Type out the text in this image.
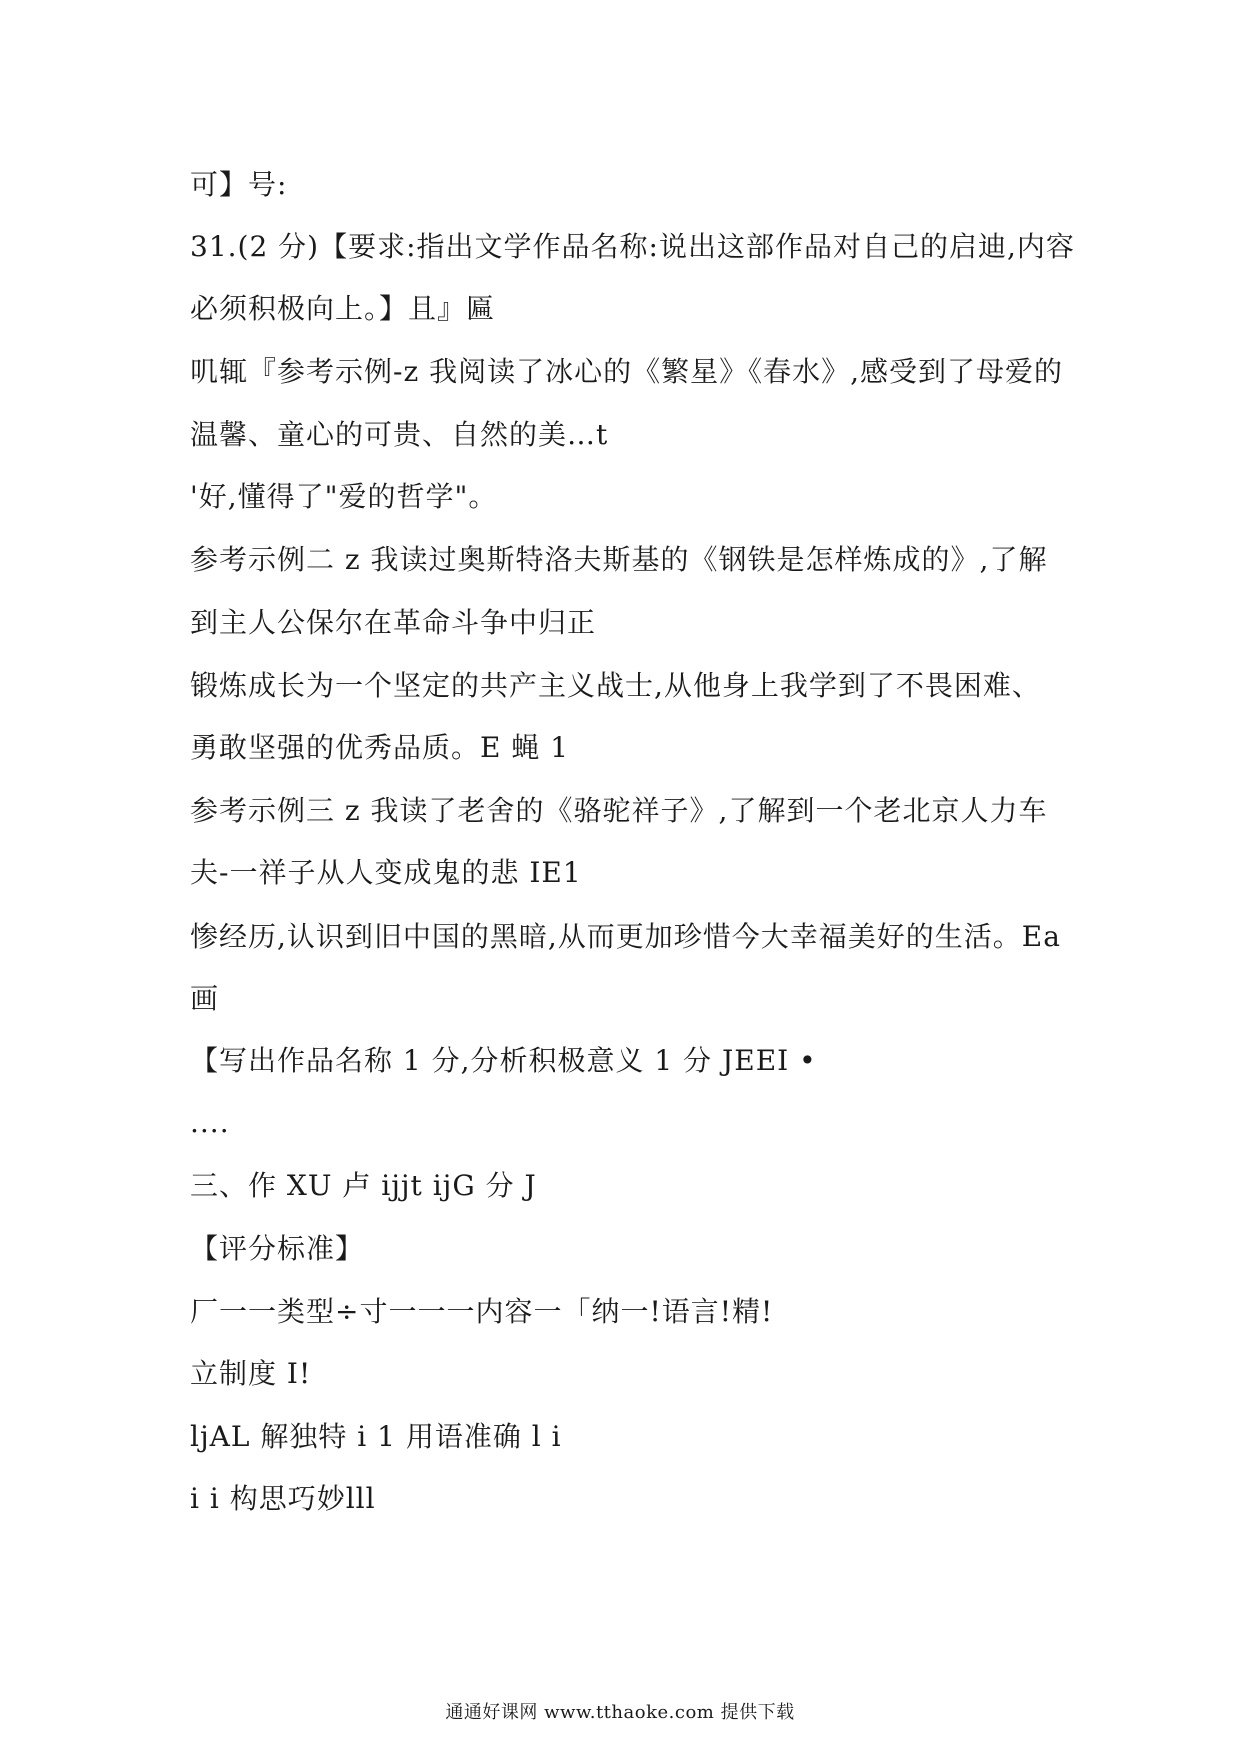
可】号:
31.(2 分)【要求:指出文学作品名称:说出这部作品对自己的启迪,内容
必须积极向上。】且』匾
叽辄『参考示例-z 我阅读了冰心的《繁星》《春水》,感受到了母爱的
温馨、童心的可贵、自然的美…t
'好,懂得了"爱的哲学"。
参考示例二 z 我读过奥斯特洛夫斯基的《钢铁是怎样炼成的》,了解
到主人公保尔在革命斗争中归正
锻炼成长为一个坚定的共产主义战士,从他身上我学到了不畏困难、
勇敢坚强的优秀品质。E 蝇 1
参考示例三 z 我读了老舍的《骆驼祥子》,了解到一个老北京人力车
夫-一祥子从人变成鬼的悲 IE1
惨经历,认识到旧中国的黑暗,从而更加珍惜今大幸福美好的生活。Ea
画
【写出作品名称 1 分,分析积极意义 1 分 JEEI •
....
三、作 XU 卢 ijjt ijG 分 J
【评分标准】
厂一一类型÷寸一一一内容一「纳一!语言!精!
立制度 I!
ljAL 解独特 i 1 用语准确 l i
i i 构思巧妙lll
通通好课网 www.tthaoke.com 提供下载
